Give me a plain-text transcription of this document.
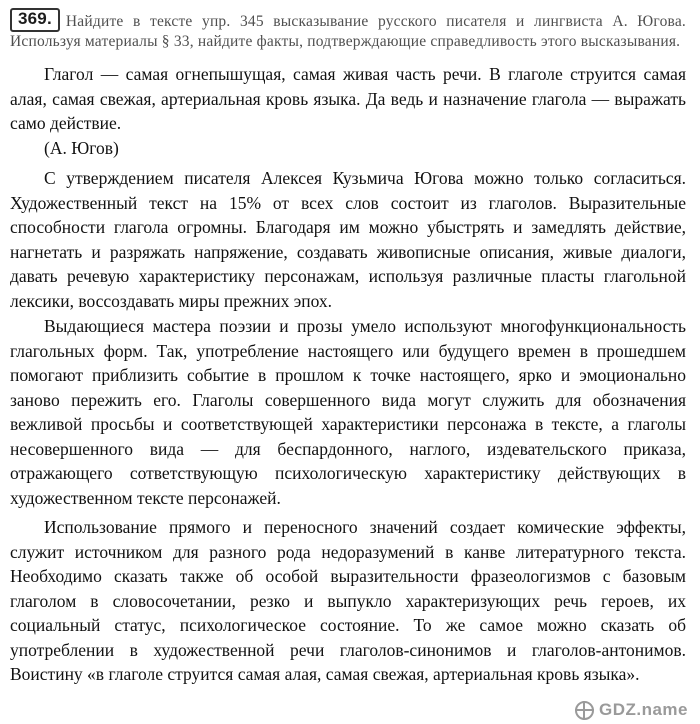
369. Найдите в тексте упр. 345 высказывание русского писателя и лингвиста А. Югова. Используя материалы § 33, найдите факты, подтверждающие справедливость этого высказывания.

Глагол — самая огнепышущая, самая живая часть речи. В глаголе струится самая алая, самая свежая, артериальная кровь языка. Да ведь и назначение глагола — выражать само действие.

(А. Югов)

С утверждением писателя Алексея Кузьмича Югова можно только согласиться. Художественный текст на 15% от всех слов состоит из глаголов. Выразительные способности глагола огромны. Благодаря им можно убыстрять и замедлять действие, нагнетать и разряжать напряжение, создавать живописные описания, живые диалоги, давать речевую характеристику персонажам, используя различные пласты глагольной лексики, воссоздавать миры прежних эпох.

Выдающиеся мастера поэзии и прозы умело используют многофункциональность глагольных форм. Так, употребление настоящего или будущего времен в прошедшем помогают приблизить событие в прошлом к точке настоящего, ярко и эмоционально заново пережить его. Глаголы совершенного вида могут служить для обозначения вежливой просьбы и соответствующей характеристики персонажа в тексте, а глаголы несовершенного вида — для беспардонного, наглого, издевательского приказа, отражающего сответствующую психологическую характеристику действующих в художественном тексте персонажей.

Использование прямого и переносного значений создает комические эффекты, служит источником для разного рода недоразумений в канве литературного текста. Необходимо сказать также об особой выразительности фразеологизмов с базовым глаголом в словосочетании, резко и выпукло характеризующих речь героев, их социальный статус, психологическое состояние. То же самое можно сказать об употреблении в художественной речи глаголов-синонимов и глаголов-антонимов. Воистину «в глаголе струится самая алая, самая свежая, артериальная кровь языка».

GDZ.name
